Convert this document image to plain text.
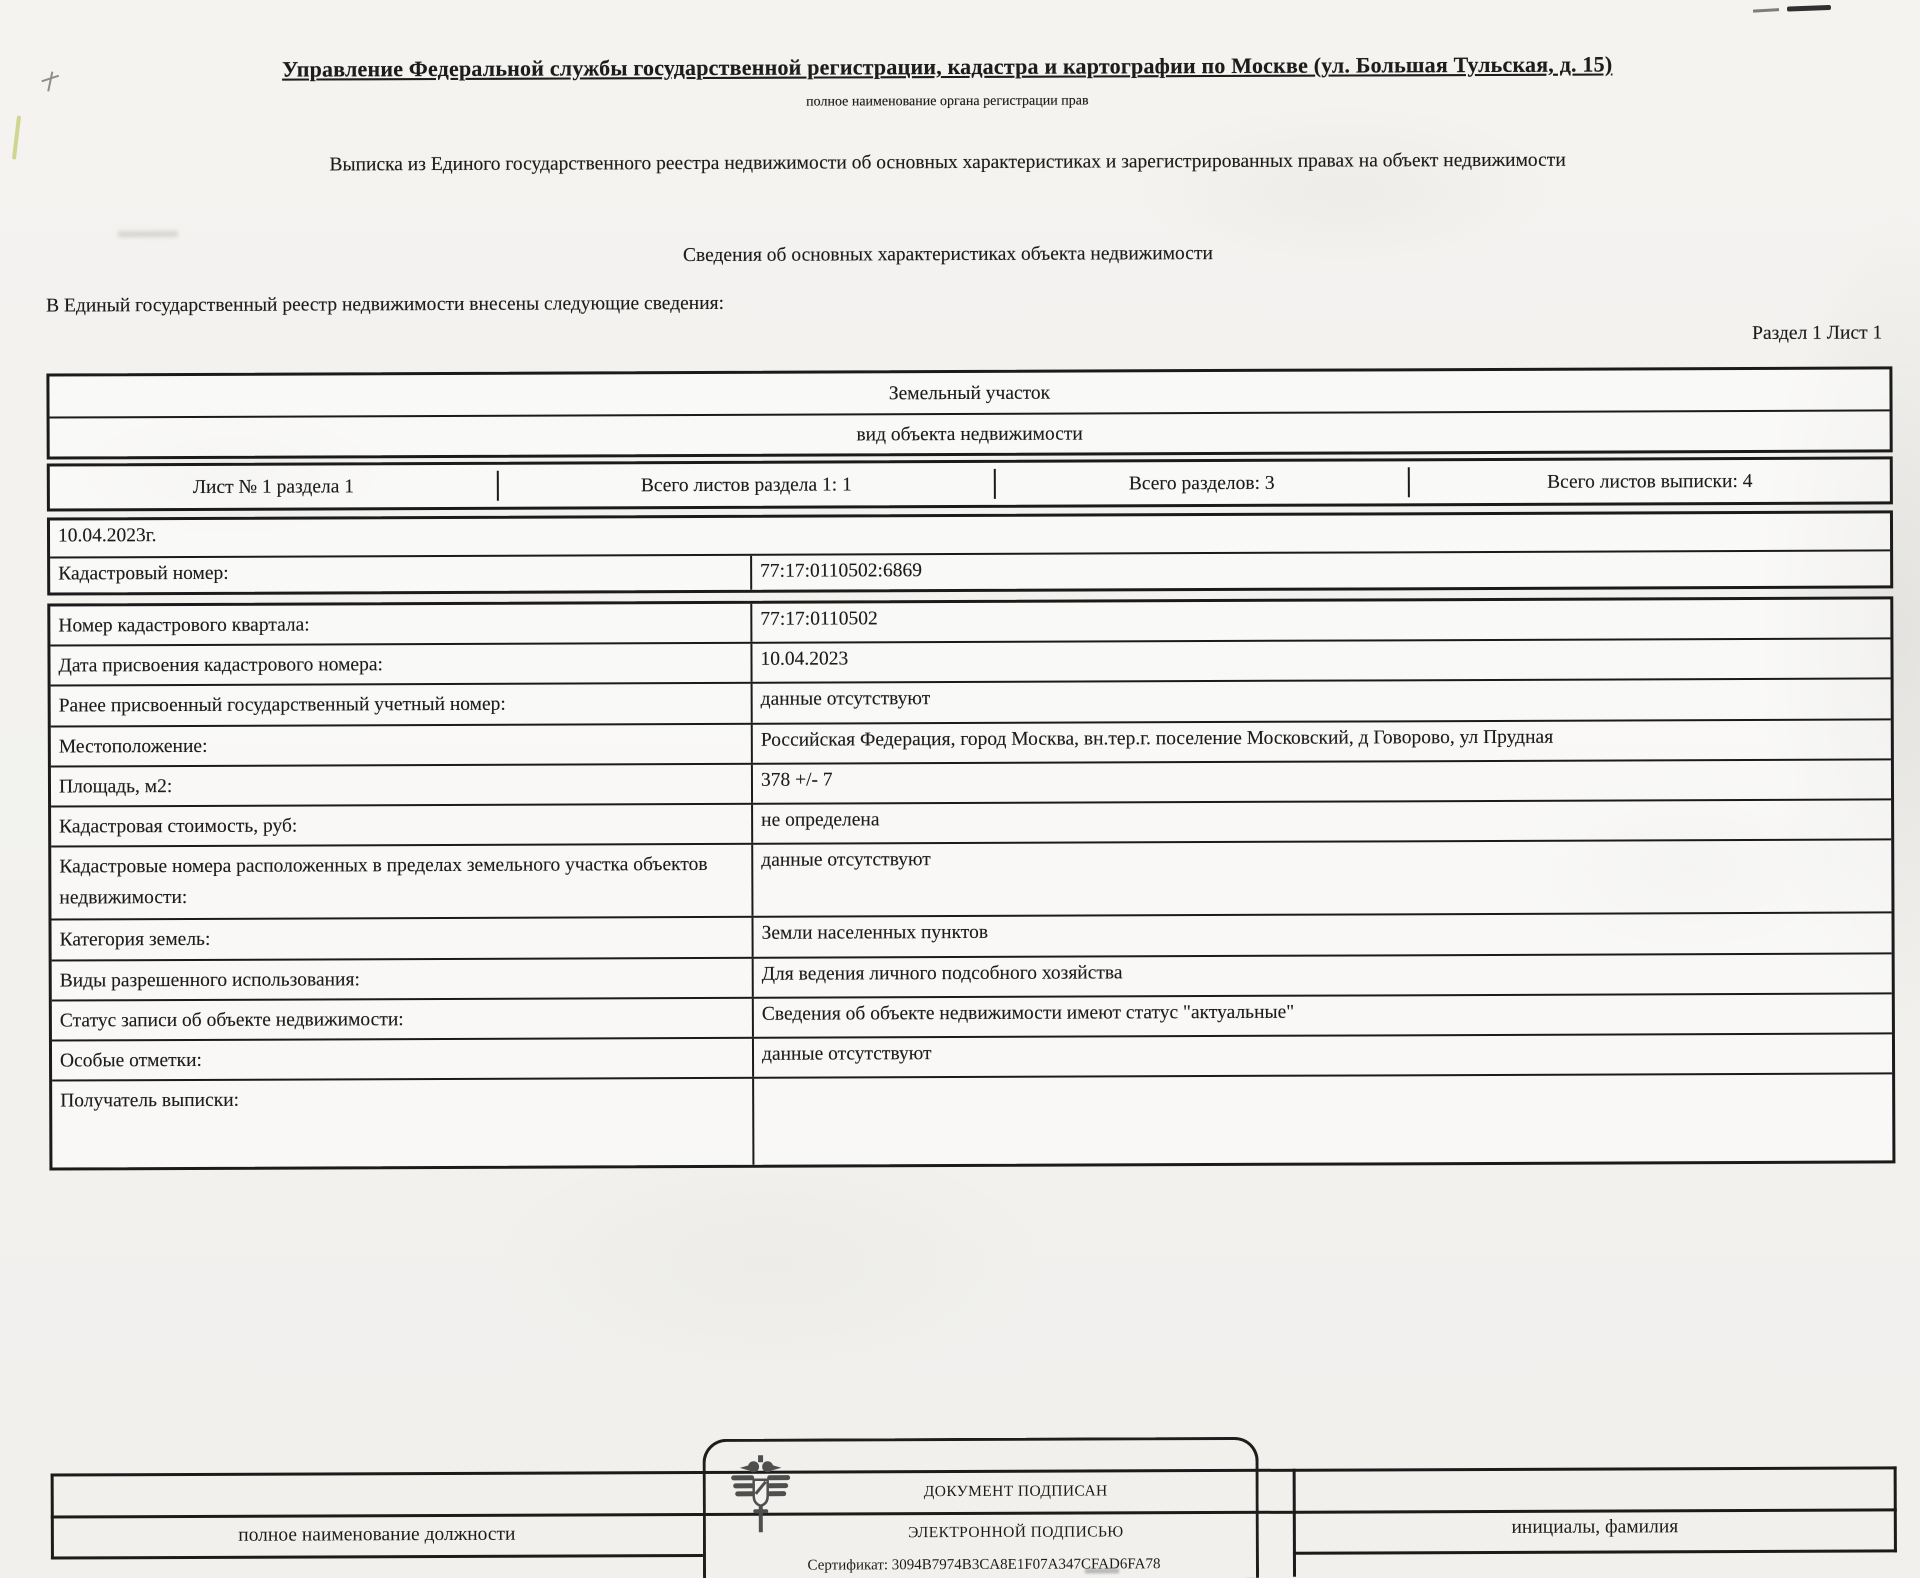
Управление Федеральной службы государственной регистрации, кадастра и картографии по Москве (ул. Большая Тульская, д. 15)
полное наименование органа регистрации прав
Выписка из Единого государственного реестра недвижимости об основных характеристиках и зарегистрированных правах на объект недвижимости
Сведения об основных характеристиках объекта недвижимости
В Единый государственный реестр недвижимости внесены следующие сведения:
Раздел 1 Лист 1
Земельный участок
вид объекта недвижимости
Лист № 1 раздела 1	Всего листов раздела 1: 1	Всего разделов: 3	Всего листов выписки: 4
10.04.2023г.
Кадастровый номер:	77:17:0110502:6869
Номер кадастрового квартала:	77:17:0110502
Дата присвоения кадастрового номера:	10.04.2023
Ранее присвоенный государственный учетный номер:	данные отсутствуют
Местоположение:	Российская Федерация, город Москва, вн.тер.г. поселение Московский, д Говорово, ул Прудная
Площадь, м2:	378 +/- 7
Кадастровая стоимость, руб:	не определена
Кадастровые номера расположенных в пределах земельного участка объектов недвижимости:
данные отсутствуют
Категория земель:	Земли населенных пунктов
Виды разрешенного использования:	Для ведения личного подсобного хозяйства
Статус записи об объекте недвижимости:	Сведения об объекте недвижимости имеют статус "актуальные"
Особые отметки:	данные отсутствуют
Получатель выписки:
полное наименование должности	инициалы, фамилия
ДОКУМЕНТ ПОДПИСАН
ЭЛЕКТРОННОЙ ПОДПИСЬЮ
Сертификат: 3094B7974B3CA8E1F07A347CFAD6FA78
